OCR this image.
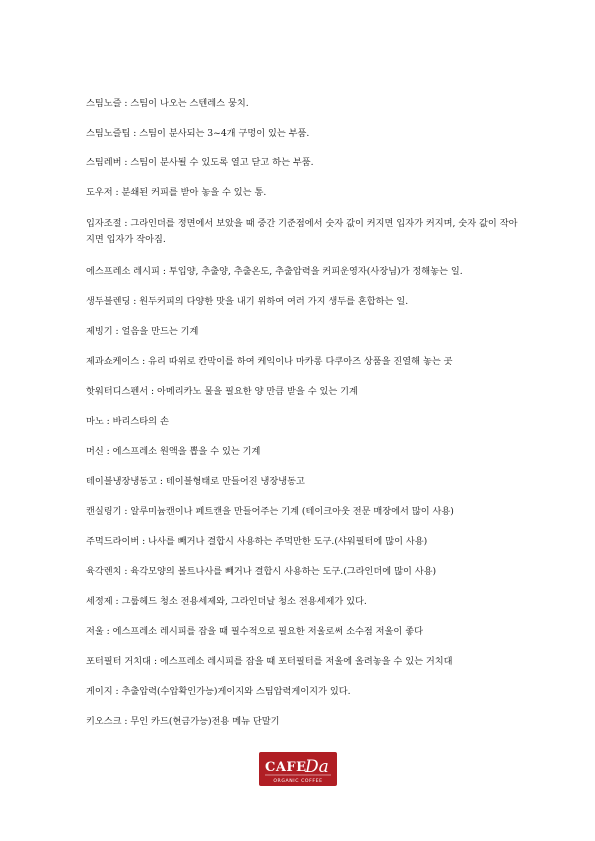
스팀노즐 : 스팀이 나오는 스텐레스 뭉치.
스팀노즐팁 : 스팀이 분사되는 3~4개 구멍이 있는 부품.
스팀레버 : 스팀이 분사될 수 있도록 열고 닫고 하는 부품.
도우저 : 분쇄된 커피를 받아 놓을 수 있는 통.
입자조절 : 그라인더를 정면에서 보았을 때 중간 기준점에서 숫자 값이 커지면 입자가 커지며, 숫자 값이 작아지면 입자가 작아짐.
에스프레소 레시피 : 투입양, 추출양, 추출온도, 추출압력을 커피운영자(사장님)가 정해놓는 일.
생두블렌딩 : 원두커피의 다양한 맛을 내기 위하여 여러 가지 생두를 혼합하는 일.
제빙기 : 얼음을 만드는 기계
제과쇼케이스 : 유리 따위로 칸막이를 하여 케익이나 마카롱 다쿠아즈 상품을 진열해 놓는 곳
핫워터디스펜서 : 아메리카노 물을 필요한 양 만큼 받을 수 있는 기계
마노 : 바리스타의 손
머신 : 에스프레소 원액을 뽑을 수 있는 기계
테이블냉장냉동고 : 테이블형태로 만들어진 냉장냉동고
캔실링기 : 알루미늄캔이나 페트캔을 만들어주는 기계 (테이크아웃 전문 매장에서 많이 사용)
주먹드라이버 : 나사를 빼거나 결합시 사용하는 주먹만한 도구.(샤워필터에 많이 사용)
육각렌치 : 육각모양의 볼트나사를 빼거나 결합시 사용하는 도구.(그라인더에 많이 사용)
세정제 : 그룹헤드 청소 전용세제와, 그라인더날 청소 전용세제가 있다.
저울 : 에스프레소 레시피를 잡을 때 필수적으로 필요한 저울로써 소수점 저울이 좋다
포터필터 거치대 : 에스프레소 레시피를 잡을 때 포터필터를 저울에 올려놓을 수 있는 거치대
게이지 : 추출압력(수압확인가능)게이지와 스팀압력게이지가 있다.
키오스크 : 무인 카드(현금가능)전용 메뉴 단말기
CAFE
Da
ORGANIC COFFEE
